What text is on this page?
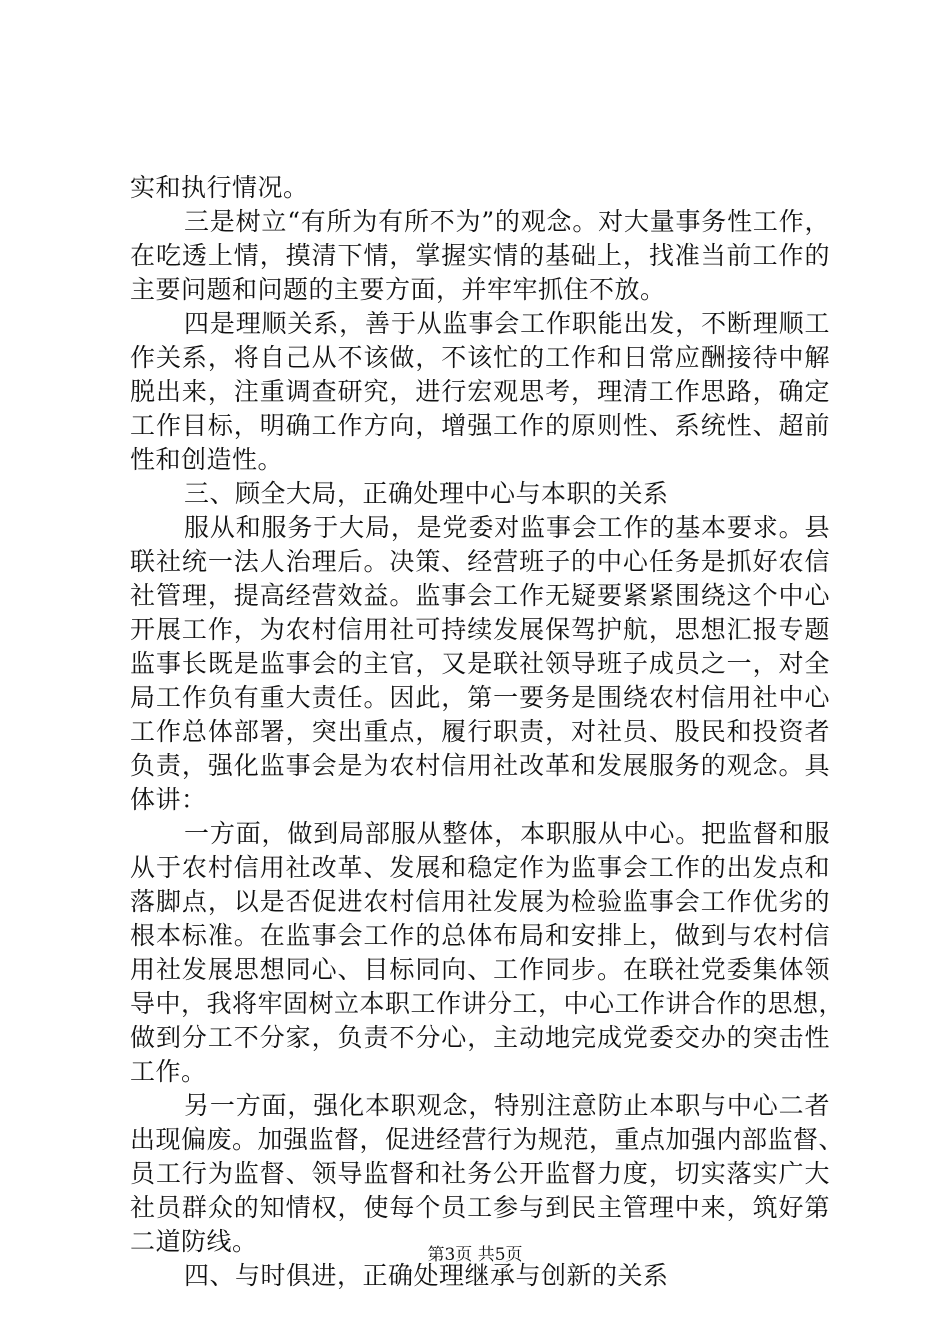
实和执行情况。
三是树立“有所为有所不为”的观念。对大量事务性工作，
在吃透上情，摸清下情，掌握实情的基础上，找准当前工作的
主要问题和问题的主要方面，并牢牢抓住不放。
四是理顺关系，善于从监事会工作职能出发，不断理顺工
作关系，将自己从不该做，不该忙的工作和日常应酬接待中解
脱出来，注重调查研究，进行宏观思考，理清工作思路，确定
工作目标，明确工作方向，增强工作的原则性、系统性、超前
性和创造性。
三、顾全大局，正确处理中心与本职的关系
服从和服务于大局，是党委对监事会工作的基本要求。县
联社统一法人治理后。决策、经营班子的中心任务是抓好农信
社管理，提高经营效益。监事会工作无疑要紧紧围绕这个中心
开展工作，为农村信用社可持续发展保驾护航，思想汇报专题
监事长既是监事会的主官，又是联社领导班子成员之一，对全
局工作负有重大责任。因此，第一要务是围绕农村信用社中心
工作总体部署，突出重点，履行职责，对社员、股民和投资者
负责，强化监事会是为农村信用社改革和发展服务的观念。具
体讲：
一方面，做到局部服从整体，本职服从中心。把监督和服
从于农村信用社改革、发展和稳定作为监事会工作的出发点和
落脚点，以是否促进农村信用社发展为检验监事会工作优劣的
根本标准。在监事会工作的总体布局和安排上，做到与农村信
用社发展思想同心、目标同向、工作同步。在联社党委集体领
导中，我将牢固树立本职工作讲分工，中心工作讲合作的思想，
做到分工不分家，负责不分心，主动地完成党委交办的突击性
工作。
另一方面，强化本职观念，特别注意防止本职与中心二者
出现偏废。加强监督，促进经营行为规范，重点加强内部监督、
员工行为监督、领导监督和社务公开监督力度，切实落实广大
社员群众的知情权，使每个员工参与到民主管理中来，筑好第
二道防线。
四、与时俱进，正确处理继承与创新的关系
第3页 共5页
